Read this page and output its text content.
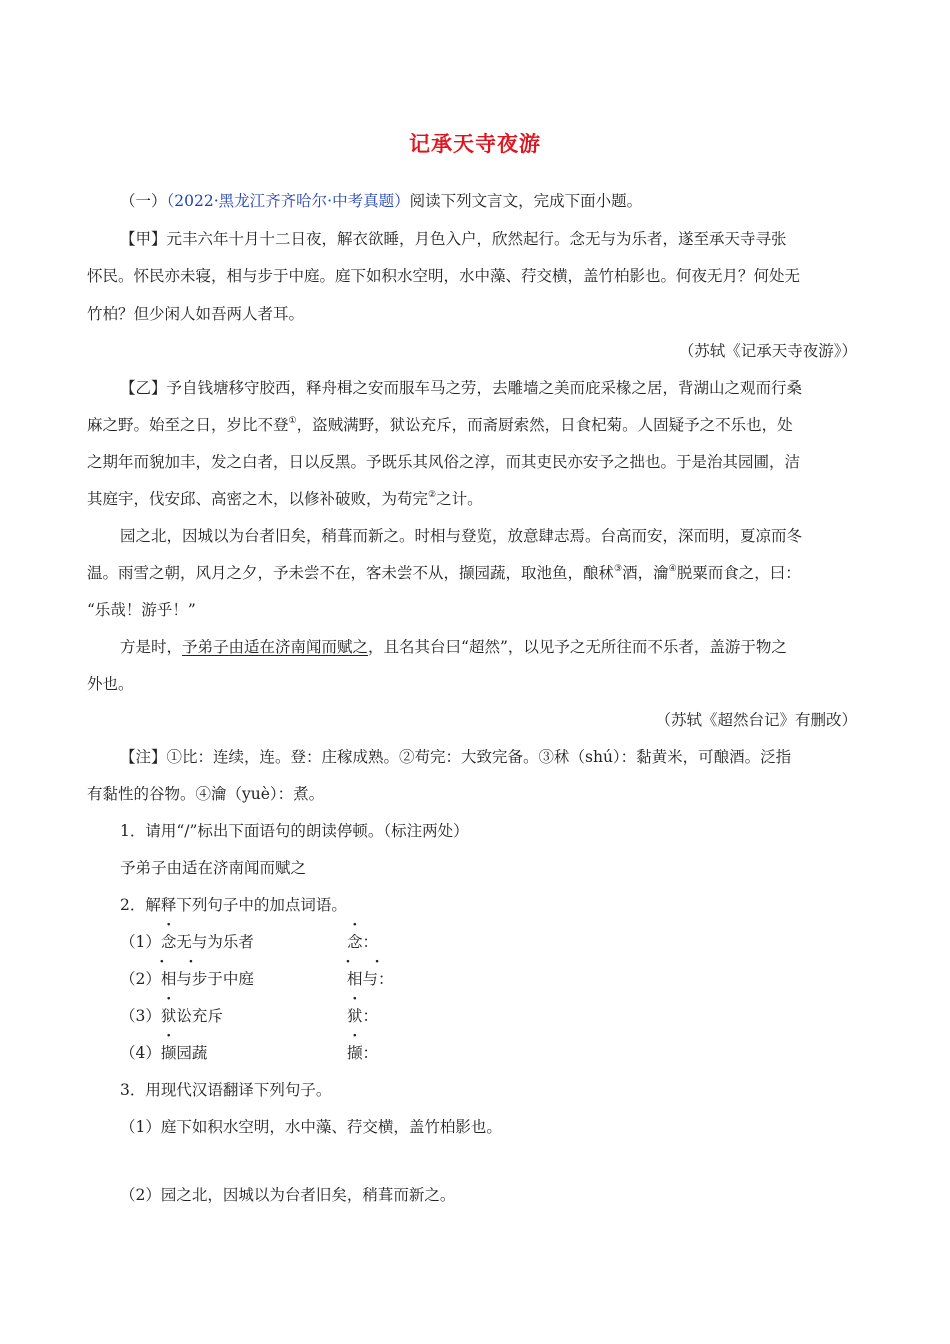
记承天寺夜游
（一）（2022·黑龙江齐齐哈尔·中考真题）阅读下列文言文，完成下面小题。
【甲】元丰六年十月十二日夜，解衣欲睡，月色入户，欣然起行。念无与为乐者，遂至承天寺寻张
怀民。怀民亦未寝，相与步于中庭。庭下如积水空明，水中藻、荇交横，盖竹柏影也。何夜无月？何处无
竹柏？但少闲人如吾两人者耳。
（苏轼《记承天寺夜游》）
【乙】予自钱塘移守胶西，释舟楫之安而服车马之劳，去雕墙之美而庇采椽之居，背湖山之观而行桑
麻之野。始至之日，岁比不登①，盗贼满野，狱讼充斥，而斋厨索然，日食杞菊。人固疑予之不乐也，处
之期年而貌加丰，发之白者，日以反黑。予既乐其风俗之淳，而其吏民亦安予之拙也。于是治其园圃，洁
其庭宇，伐安邱、高密之木，以修补破败，为苟完②之计。
园之北，因城以为台者旧矣，稍葺而新之。时相与登览，放意肆志焉。台高而安，深而明，夏凉而冬
温。雨雪之朝，风月之夕，予未尝不在，客未尝不从，撷园蔬，取池鱼，酿秫③酒，瀹④脱粟而食之，曰：
“乐哉！游乎！”
方是时，予弟子由适在济南闻而赋之，且名其台曰“超然”，以见予之无所往而不乐者，盖游于物之
外也。
（苏轼《超然台记》有删改）
【注】①比：连续，连。登：庄稼成熟。②苟完：大致完备。③秫（shú）：黏黄米，可酿酒。泛指
有黏性的谷物。④瀹（yuè）：煮。
1．请用“/”标出下面语句的朗读停顿。（标注两处）
予弟子由适在济南闻而赋之
2．解释下列句子中的加点词语。
（1）念无与为乐者	念：
（2）· · 相与步于中庭
· ·	相与：
（3）狱讼充斥	狱：
（4）撷园蔬	撷：
3．用现代汉语翻译下列句子。
（1）庭下如积水空明，水中藻、荇交横，盖竹柏影也。
（2）园之北，因城以为台者旧矣，稍葺而新之。
